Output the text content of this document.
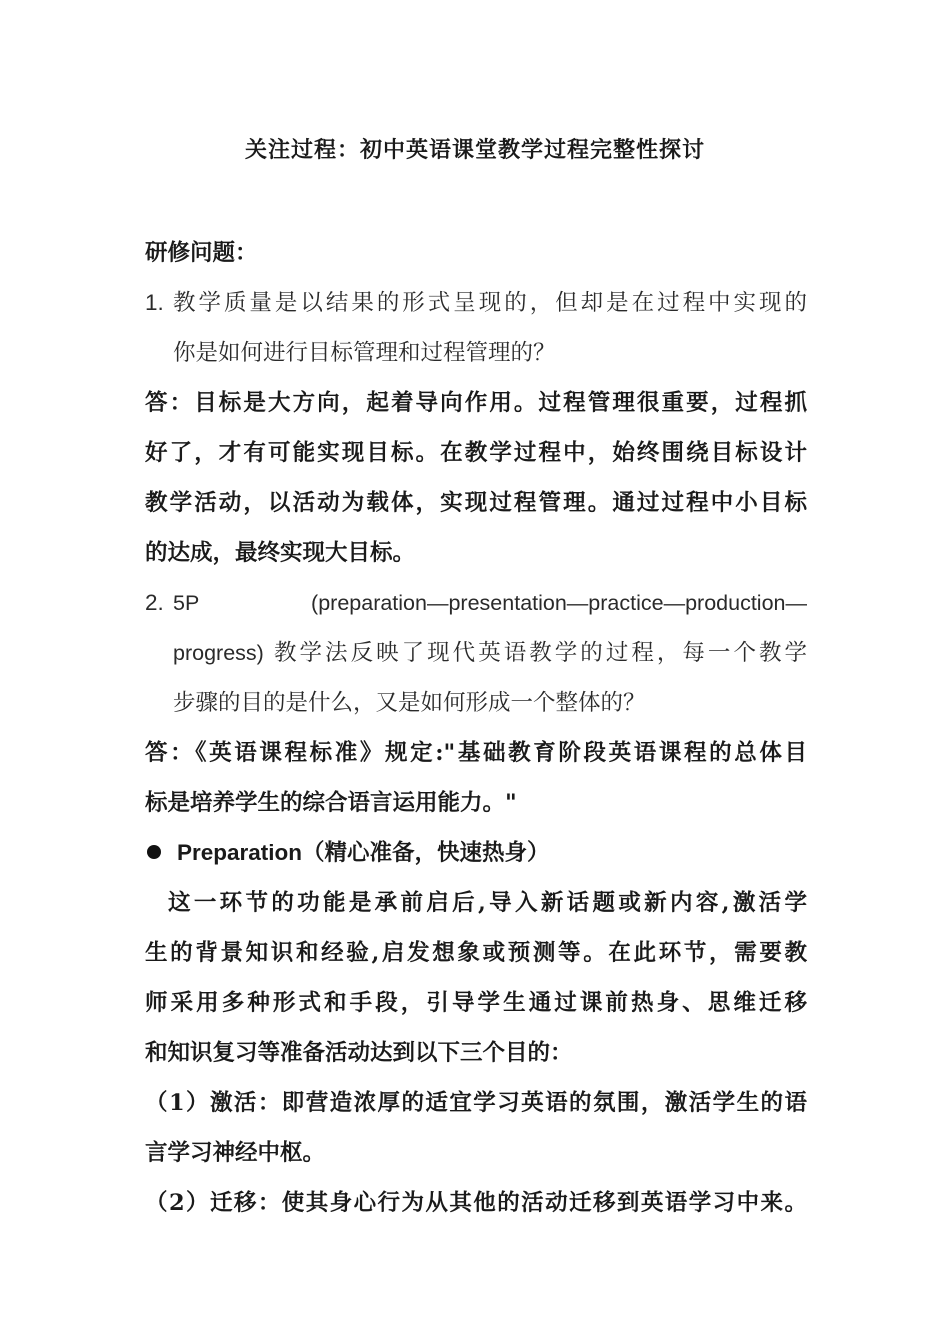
关注过程：初中英语课堂教学过程完整性探讨
研修问题：
1. 教学质量是以结果的形式呈现的，但却是在过程中实现的
你是如何进行目标管理和过程管理的？
答：目标是大方向，起着导向作用。过程管理很重要，过程抓
好了，才有可能实现目标。在教学过程中，始终围绕目标设计
教学活动，以活动为载体，实现过程管理。通过过程中小目标
的达成，最终实现大目标。
2. 5P	(preparation—presentation—practice—production—
progress) 教学法反映了现代英语教学的过程，每一个教学
步骤的目的是什么，又是如何形成一个整体的？
答：《英语课程标准》规定:"基础教育阶段英语课程的总体目
标是培养学生的综合语言运用能力。"
Preparation（精心准备，快速热身）
这一环节的功能是承前启后,导入新话题或新内容,激活学
生的背景知识和经验,启发想象或预测等。在此环节，需要教
师采用多种形式和手段，引导学生通过课前热身、思维迁移
和知识复习等准备活动达到以下三个目的：
（1）激活：即营造浓厚的适宜学习英语的氛围，激活学生的语
言学习神经中枢。
（2）迁移：使其身心行为从其他的活动迁移到英语学习中来。
